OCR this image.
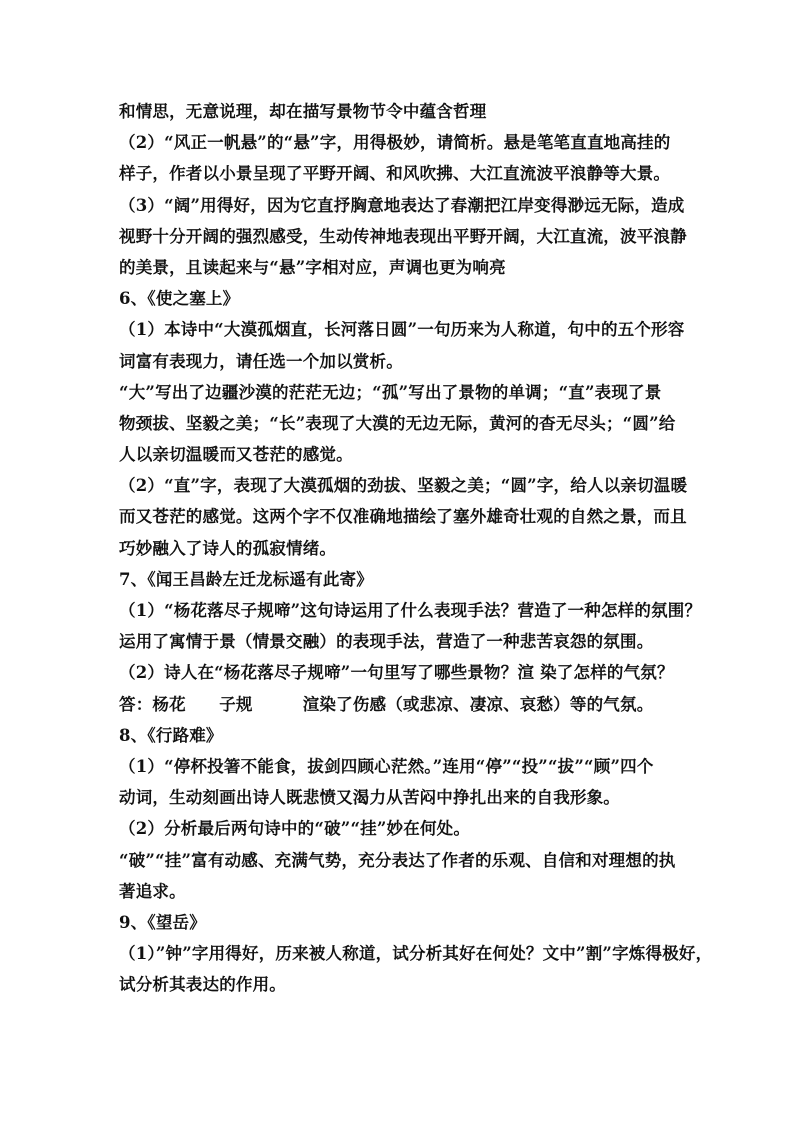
和情思，无意说理，却在描写景物节令中蕴含哲理
（2）“风正一帆悬”的“悬”字，用得极妙，请简析。悬是笔笔直直地高挂的
样子，作者以小景呈现了平野开阔、和风吹拂、大江直流波平浪静等大景。
（3）“阔”用得好，因为它直抒胸意地表达了春潮把江岸变得渺远无际，造成
视野十分开阔的强烈感受，生动传神地表现出平野开阔，大江直流，波平浪静
的美景，且读起来与“悬”字相对应，声调也更为响亮
6、《使之塞上》
（1）本诗中“大漠孤烟直，长河落日圆”一句历来为人称道，句中的五个形容
词富有表现力，请任选一个加以赏析。
“大”写出了边疆沙漠的茫茫无边；“孤”写出了景物的单调；“直”表现了景
物颈拔、坚毅之美；“长”表现了大漠的无边无际，黄河的杳无尽头；“圆”给
人以亲切温暖而又苍茫的感觉。
（2）“直”字，表现了大漠孤烟的劲拔、坚毅之美；“圆”字，给人以亲切温暖
而又苍茫的感觉。这两个字不仅准确地描绘了塞外雄奇壮观的自然之景，而且
巧妙融入了诗人的孤寂情绪。
7、《闻王昌龄左迁龙标遥有此寄》
（1）“杨花落尽子规啼”这句诗运用了什么表现手法？营造了一种怎样的氛围？
运用了寓情于景（情景交融）的表现手法，营造了一种悲苦哀怨的氛围。
（2）诗人在“杨花落尽子规啼”一句里写了哪些景物？渲 染了怎样的气氛？
答：杨花　　子规　　　渲染了伤感（或悲凉、凄凉、哀愁）等的气氛。
8、《行路难》
（1）“停杯投箸不能食，拔剑四顾心茫然。”连用“停”“投”“拔”“顾”四个
动词，生动刻画出诗人既悲愤又渴力从苦闷中挣扎出来的自我形象。
（2）分析最后两句诗中的“破”“挂”妙在何处。
“破”“挂”富有动感、充满气势，充分表达了作者的乐观、自信和对理想的执
著追求。
9、《望岳》
（1）”钟”字用得好，历来被人称道，试分析其好在何处？文中”割”字炼得极好，
试分析其表达的作用。
